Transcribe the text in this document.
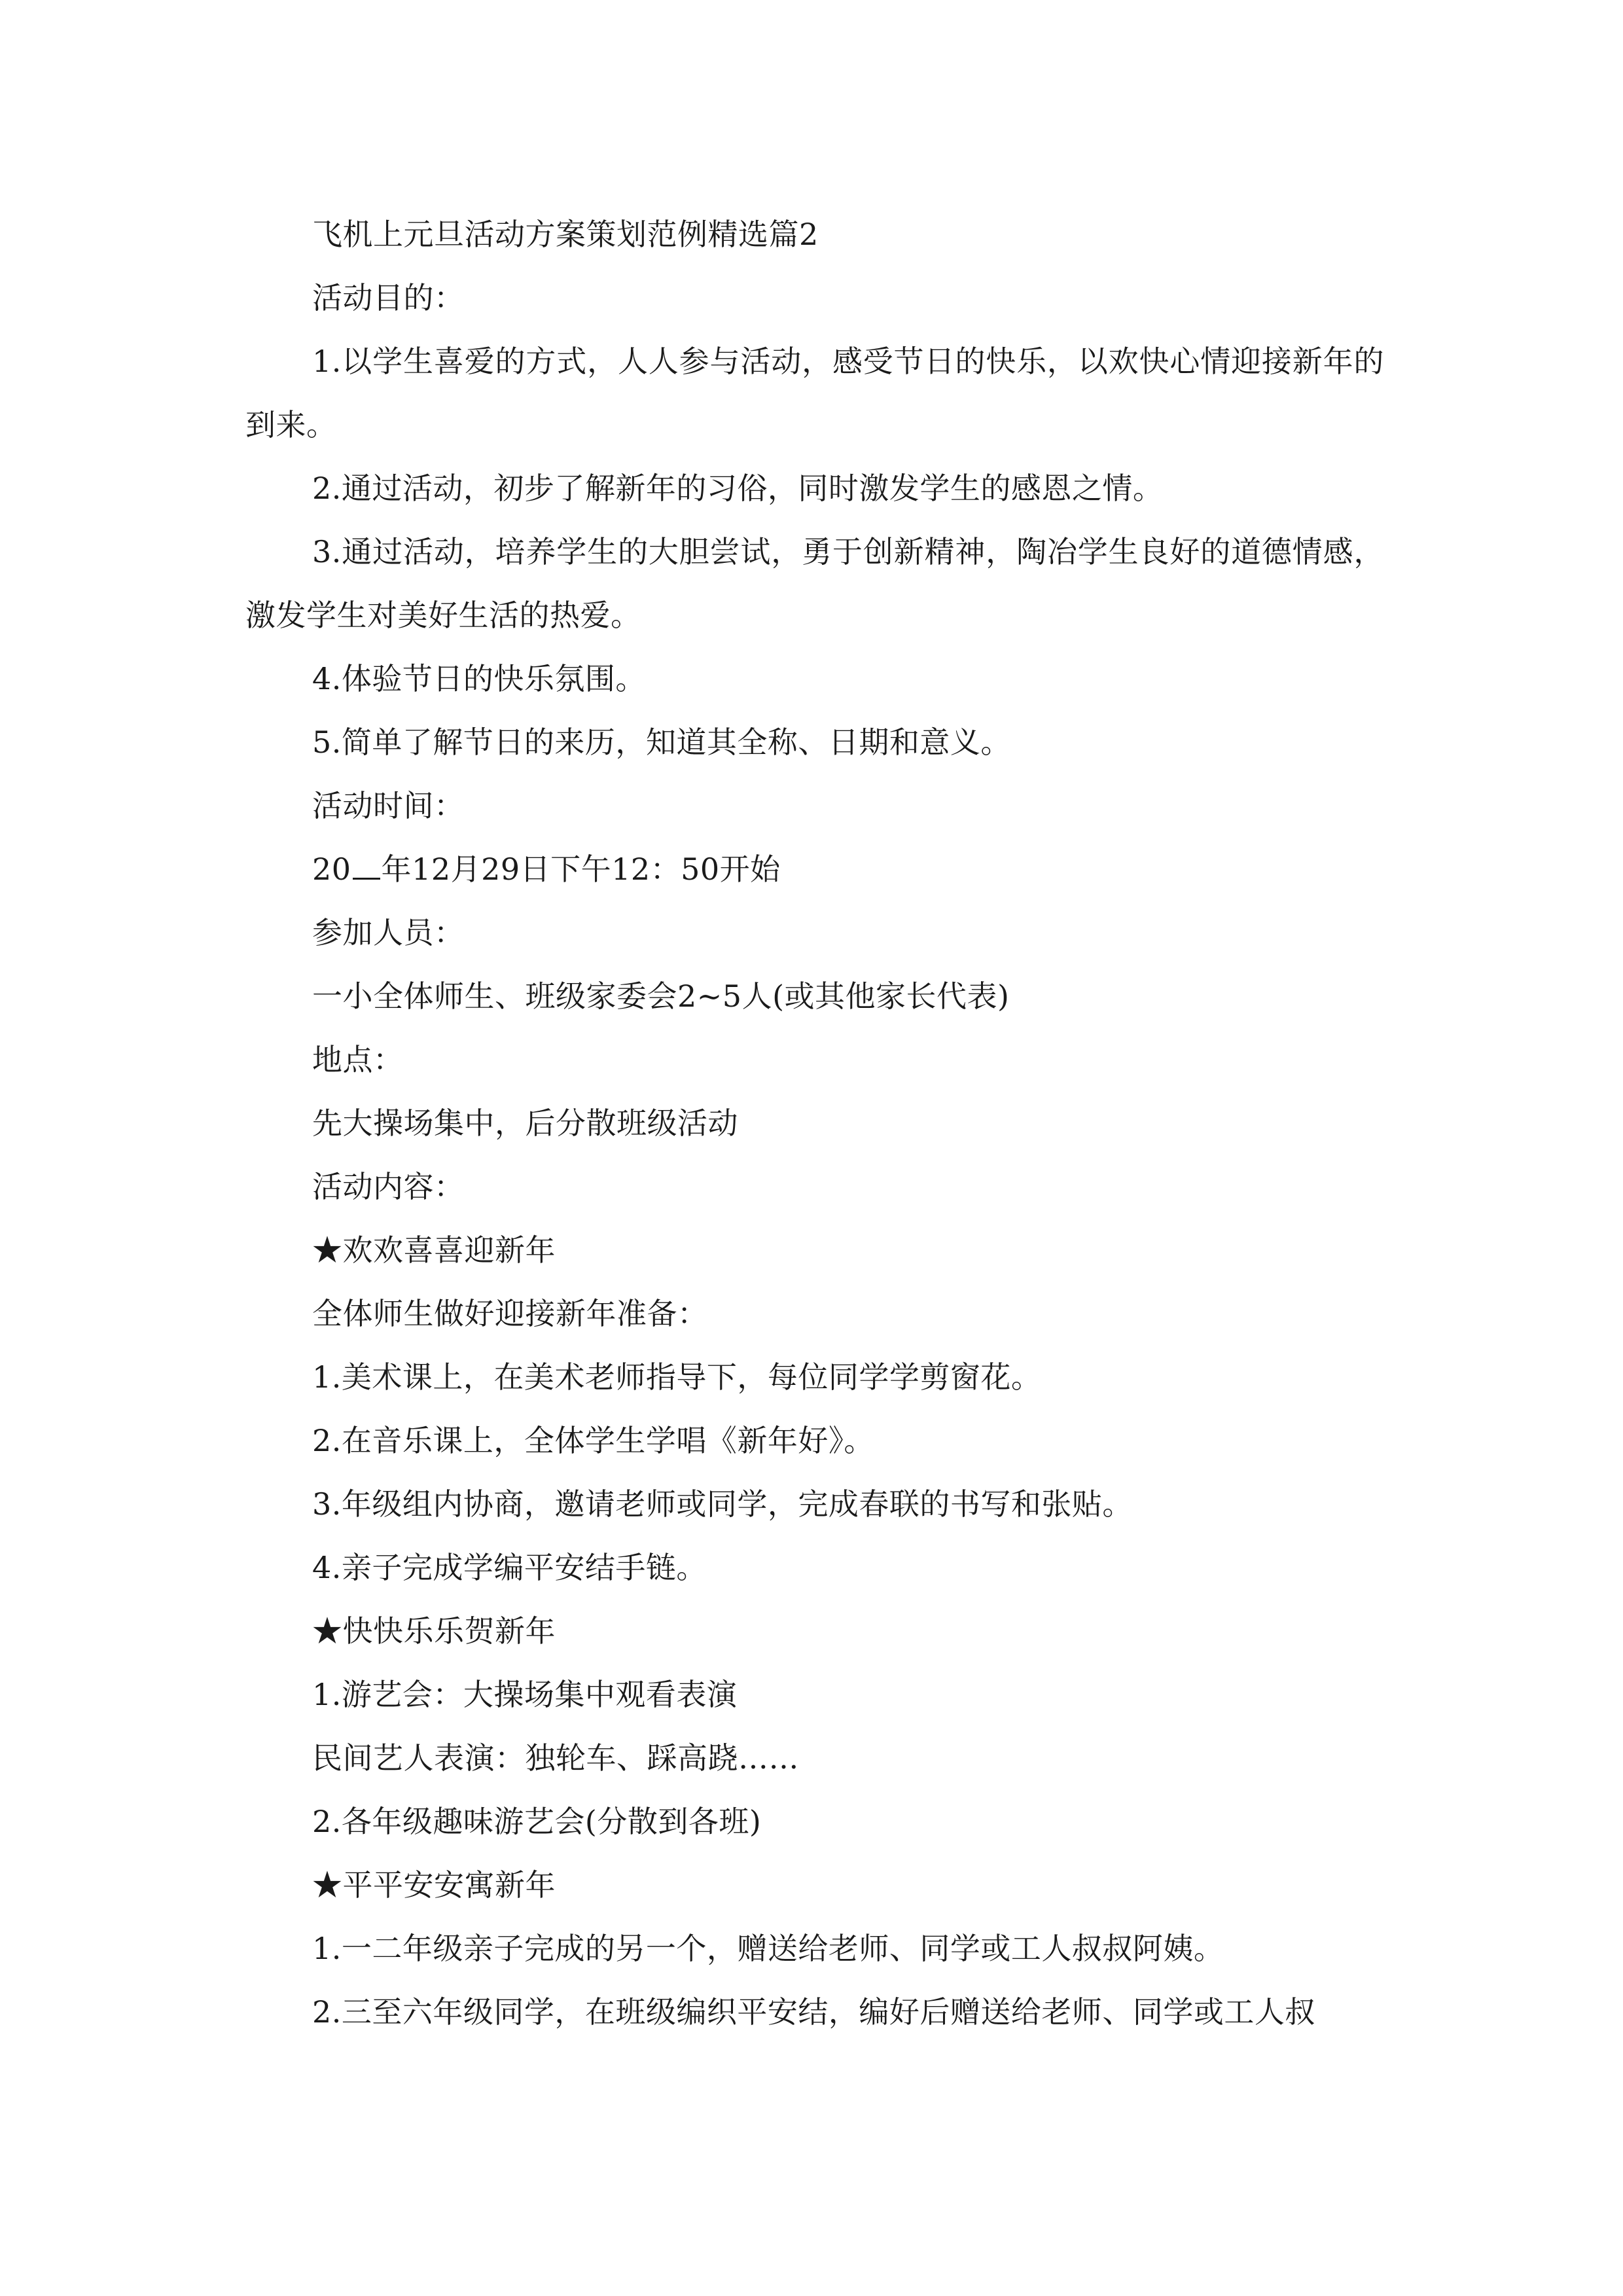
飞机上元旦活动方案策划范例精选篇2

活动目的：

1.以学生喜爱的方式，人人参与活动，感受节日的快乐，以欢快心情迎接新年的到来。

2.通过活动，初步了解新年的习俗，同时激发学生的感恩之情。

3.通过活动，培养学生的大胆尝试，勇于创新精神，陶冶学生良好的道德情感，激发学生对美好生活的热爱。

4.体验节日的快乐氛围。

5.简单了解节日的来历，知道其全称、日期和意义。

活动时间：

20 年12月29日下午12：50开始

参加人员：

一小全体师生、班级家委会2~5人(或其他家长代表)

地点：

先大操场集中，后分散班级活动

活动内容：

★欢欢喜喜迎新年

全体师生做好迎接新年准备：

1.美术课上，在美术老师指导下，每位同学学剪窗花。

2.在音乐课上，全体学生学唱《新年好》。

3.年级组内协商，邀请老师或同学，完成春联的书写和张贴。

4.亲子完成学编平安结手链。

★快快乐乐贺新年

1.游艺会：大操场集中观看表演

民间艺人表演：独轮车、踩高跷……

2.各年级趣味游艺会(分散到各班)

★平平安安寓新年

1.一二年级亲子完成的另一个，赠送给老师、同学或工人叔叔阿姨。

2.三至六年级同学，在班级编织平安结，编好后赠送给老师、同学或工人叔
